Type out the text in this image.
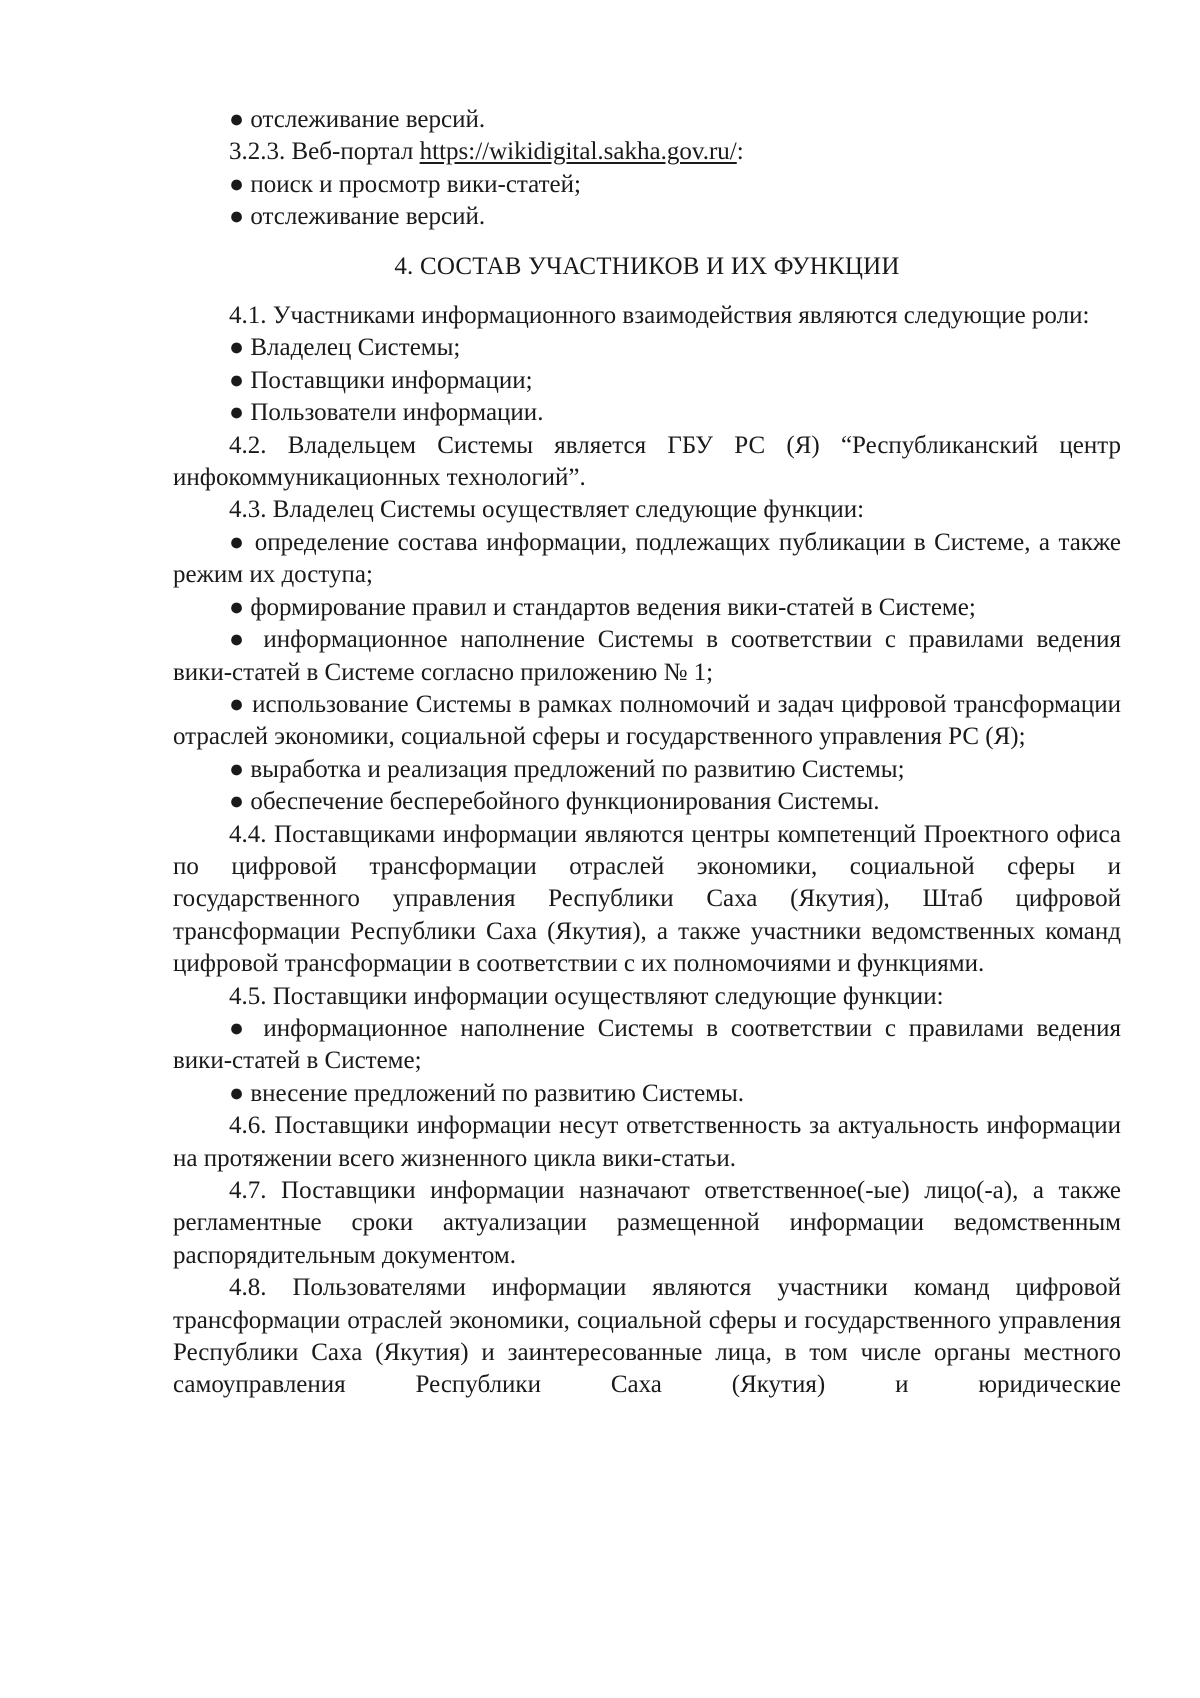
● отслеживание версий.

3.2.3. Веб-портал https://wikidigital.sakha.gov.ru/:

● поиск и просмотр вики-статей;

● отслеживание версий.

4. СОСТАВ УЧАСТНИКОВ И ИХ ФУНКЦИИ

4.1. Участниками информационного взаимодействия являются следующие роли:

● Владелец Системы;

● Поставщики информации;

● Пользователи информации.

4.2. Владельцем Системы является ГБУ РС (Я) “Республиканский центр инфокоммуникационных технологий”.

4.3. Владелец Системы осуществляет следующие функции:

● определение состава информации, подлежащих публикации в Системе, а также режим их доступа;

● формирование правил и стандартов ведения вики-статей в Системе;

● информационное наполнение Системы в соответствии с правилами ведения вики-статей в Системе согласно приложению № 1;

● использование Системы в рамках полномочий и задач цифровой трансформации отраслей экономики, социальной сферы и государственного управления РС (Я);

● выработка и реализация предложений по развитию Системы;

● обеспечение бесперебойного функционирования Системы.

4.4. Поставщиками информации являются центры компетенций Проектного офиса по цифровой трансформации отраслей экономики, социальной сферы и государственного управления Республики Саха (Якутия), Штаб цифровой трансформации Республики Саха (Якутия), а также участники ведомственных команд цифровой трансформации в соответствии с их полномочиями и функциями.

4.5. Поставщики информации осуществляют следующие функции:

● информационное наполнение Системы в соответствии с правилами ведения вики-статей в Системе;

● внесение предложений по развитию Системы.

4.6. Поставщики информации несут ответственность за актуальность информации на протяжении всего жизненного цикла вики-статьи.

4.7. Поставщики информации назначают ответственное(-ые) лицо(-а), а также регламентные сроки актуализации размещенной информации ведомственным распорядительным документом.

4.8. Пользователями информации являются участники команд цифровой трансформации отраслей экономики, социальной сферы и государственного управления Республики Саха (Якутия) и заинтересованные лица, в том числе органы местного самоуправления Республики Саха (Якутия) и юридические
